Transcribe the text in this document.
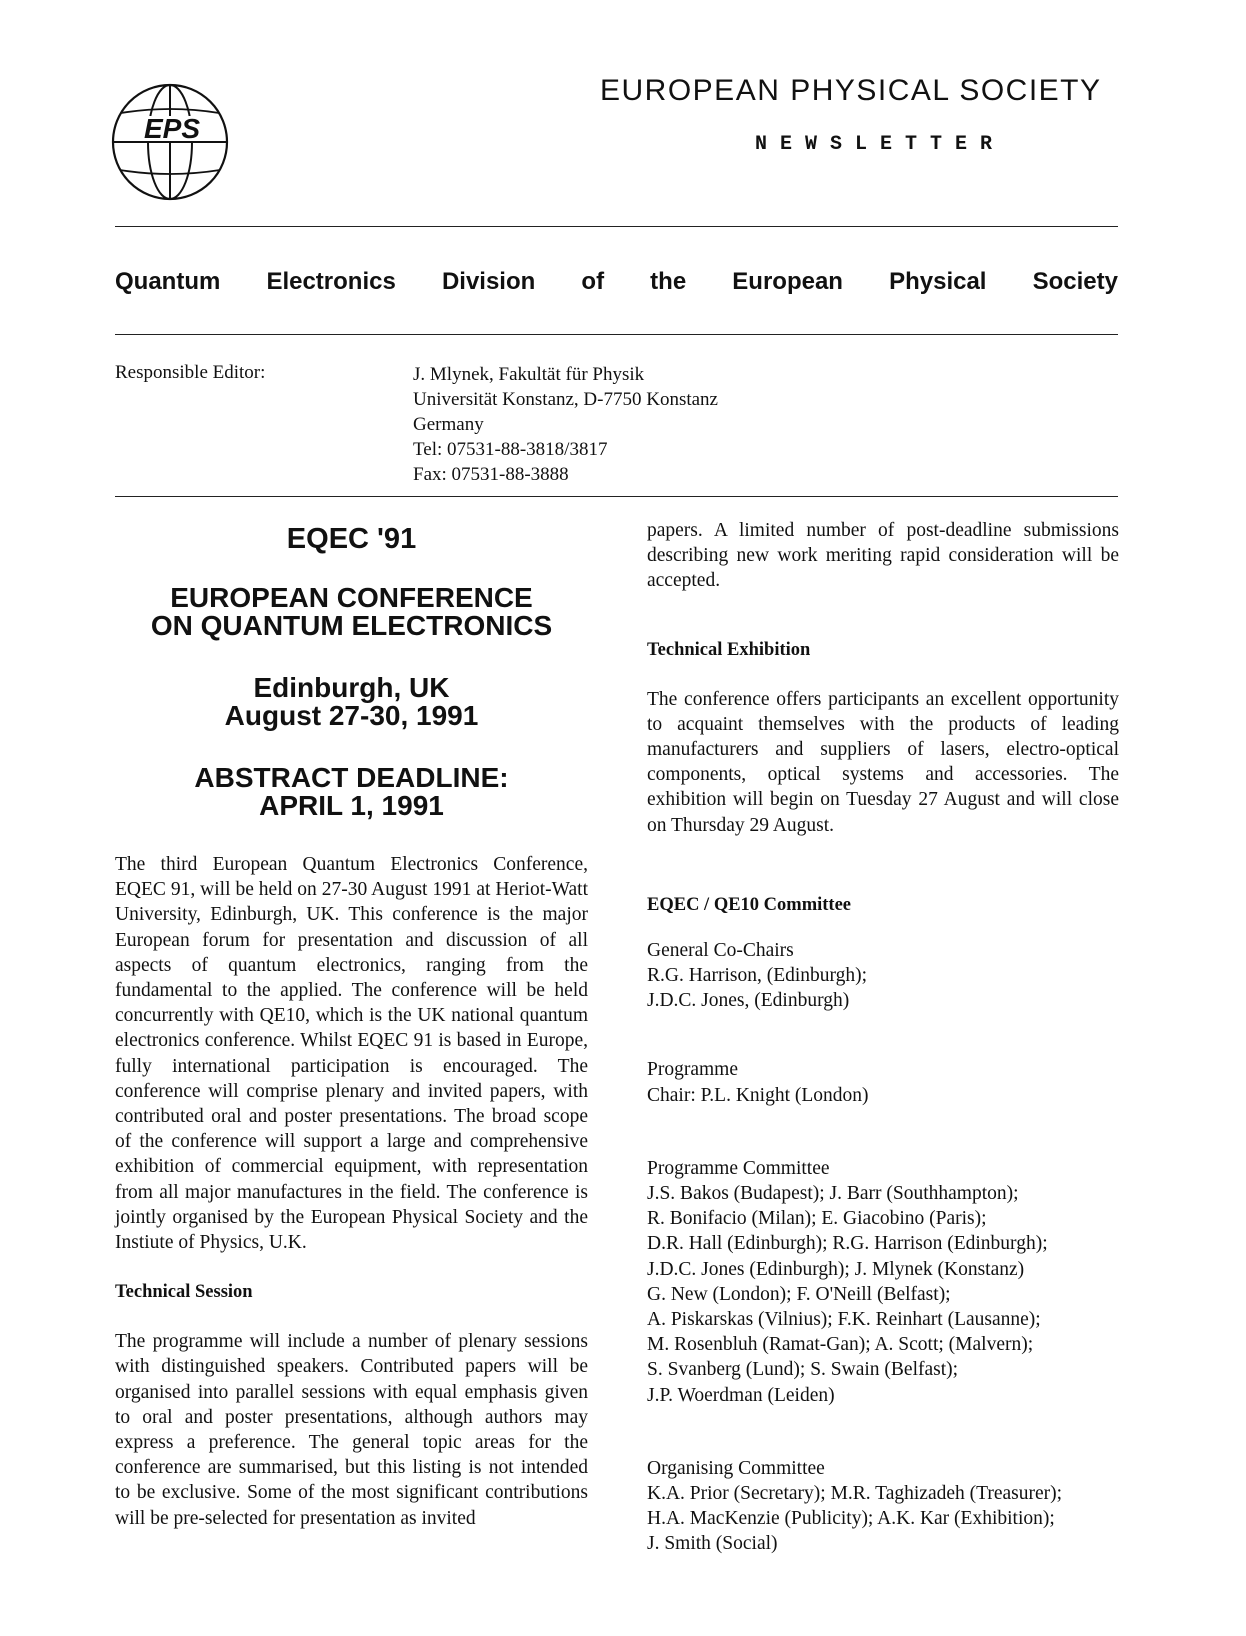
EPS
EUROPEAN PHYSICAL SOCIETY
NEWSLETTER
Quantum Electronics Division of the European Physical Society
Responsible Editor:	J. Mlynek, Fakultät für Physik
Universität Konstanz, D-7750 Konstanz
Germany
Tel: 07531-88-3818/3817
Fax: 07531-88-3888
EQEC '91
EUROPEAN CONFERENCE
ON QUANTUM ELECTRONICS
Edinburgh, UK
August 27-30, 1991
ABSTRACT DEADLINE:
APRIL 1, 1991

The third European Quantum Electronics Conference, EQEC 91, will be held on 27-30 August 1991 at Heriot-Watt University, Edinburgh, UK. This conference is the major European forum for presentation and discussion of all aspects of quantum electronics, ranging from the fundamental to the applied. The conference will be held concurrently with QE10, which is the UK national quantum electronics conference. Whilst EQEC 91 is based in Europe, fully international participation is encouraged. The conference will comprise plenary and invited papers, with contributed oral and poster presentations. The broad scope of the conference will support a large and comprehensive exhibition of commercial equipment, with representation from all major manufactures in the field. The conference is jointly organised by the European Physical Society and the Instiute of Physics, U.K.

Technical Session

The programme will include a number of plenary sessions with distinguished speakers. Contributed papers will be organised into parallel sessions with equal emphasis given to oral and poster presentations, although authors may express a preference. The general topic areas for the conference are summarised, but this listing is not intended to be exclusive. Some of the most significant contributions will be pre-selected for presentation as invited

papers. A limited number of post-deadline submissions describing new work meriting rapid consideration will be accepted.

Technical Exhibition

The conference offers participants an excellent opportunity to acquaint themselves with the products of leading manufacturers and suppliers of lasers, electro-optical components, optical systems and accessories. The exhibition will begin on Tuesday 27 August and will close on Thursday 29 August.

EQEC / QE10 Committee

General Co-Chairs
R.G. Harrison, (Edinburgh);
J.D.C. Jones, (Edinburgh)
Programme
Chair: P.L. Knight (London)
Programme Committee
J.S. Bakos (Budapest); J. Barr (Southhampton);
R. Bonifacio (Milan); E. Giacobino (Paris);
D.R. Hall (Edinburgh); R.G. Harrison (Edinburgh);
J.D.C. Jones (Edinburgh); J. Mlynek (Konstanz)
G. New (London); F. O'Neill (Belfast);
A. Piskarskas (Vilnius); F.K. Reinhart (Lausanne);
M. Rosenbluh (Ramat-Gan); A. Scott; (Malvern);
S. Svanberg (Lund); S. Swain (Belfast);
J.P. Woerdman (Leiden)
Organising Committee
K.A. Prior (Secretary); M.R. Taghizadeh (Treasurer);
H.A. MacKenzie (Publicity); A.K. Kar (Exhibition);
J. Smith (Social)
